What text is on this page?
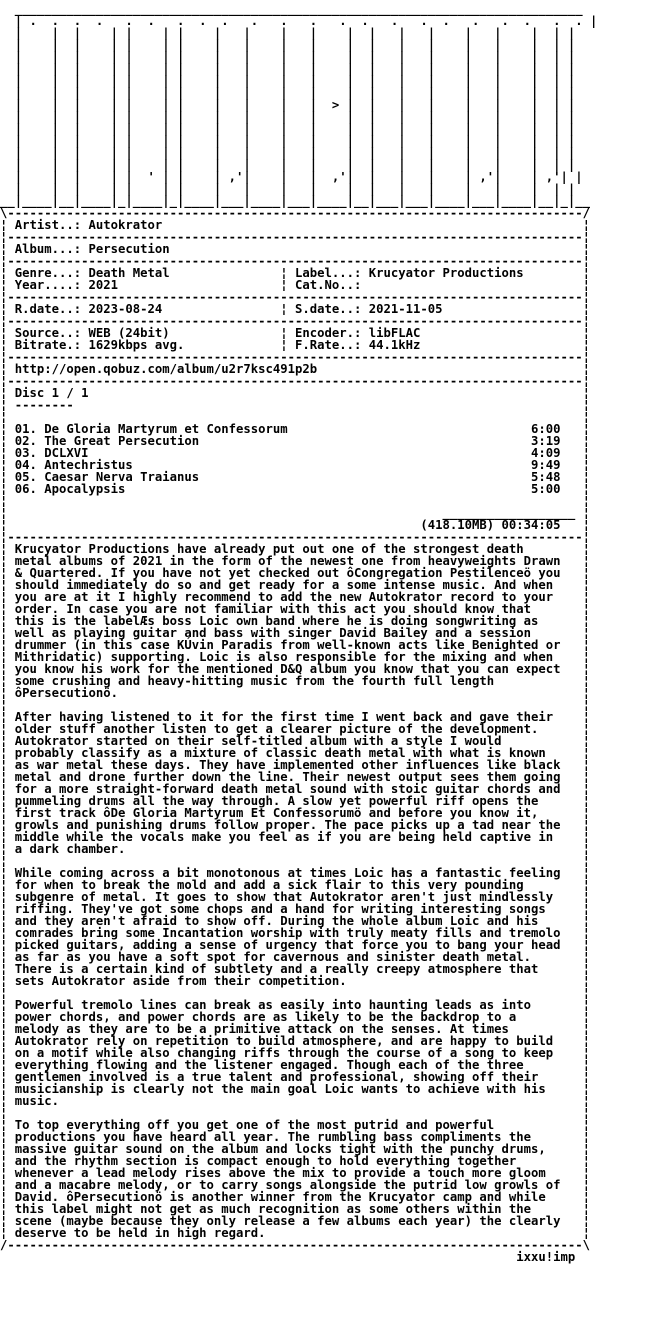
_____________________________________________________________________________
| .  .  .  .   .  .   .  .  .   .   .   .   .  .   .   .  .   .   .  .   .  . |
|    |  |    | |    | |    |   |    |   |    |  |   |   |    |   |    |  | |
|    |  |    | |    | |    |   |    |   |    |  |   |   |    |   |    |  | |
|    |  |    | |    | |    |   |    |   |    |  |   |   |    |   |    |  | |
|    |  |    | |    | |    |   |    |   |    |  |   |   |    |   |    |  | |
|    |  |    | |    | |    |   |    |   |    |  |   |   |    |   |    |  | |
|    |  |    | |    | |    |   |    |   |    |  |   |   |    |   |    |  | |
|    |  |    | |    | |    |   |    |   |  > |  |   |   |    |   |    |  | |
|    |  |    | |    | |    |   |    |   |    |  |   |   |    |   |    |  | |
|    |  |    | |    | |    |   |    |   |    |  |   |   |    |   |    |  | |
|    |  |    | |    | |    |   |    |   |    |  |   |   |    |   |    |  | |
|    |  |    | |    | |    |   |    |   |    |  |   |   |    |   |    |  | |
|    |  |    | |    | |    |   |    |   |    |  |   |   |    |   |    |  | |
|    |  |    | |  ' | |    | ,'|    |   |  ,'|  |   |   |    | ,'|    | ,'| |
|    |  |    | |    | |    |   |    |   |    |  |   |   |    |   |    |  | |
__|____|__|____|_|____|_|____|___|____|___|____|__|___|___|____|___|____|__|_|__
\------------------------------------------------------------------------------/
¦ Artist..: Autokrator                                                         ¦
¦------------------------------------------------------------------------------¦
¦ Album...: Persecution                                                        ¦
¦------------------------------------------------------------------------------¦
¦ Genre...: Death Metal               ¦ Label...: Krucyator Productions        ¦
¦ Year....: 2021                      ¦ Cat.No..:                              ¦
¦------------------------------------------------------------------------------¦
¦ R.date..: 2023-08-24                ¦ S.date..: 2021-11-05                   ¦
¦------------------------------------------------------------------------------¦
¦ Source..: WEB (24bit)               ¦ Encoder.: libFLAC                      ¦
¦ Bitrate.: 1629kbps avg.             ¦ F.Rate..: 44.1kHz                      ¦
¦------------------------------------------------------------------------------¦
¦ http://open.qobuz.com/album/u2r7ksc491p2b                                    ¦
¦------------------------------------------------------------------------------¦
¦ Disc 1 / 1                                                                   ¦
¦ --------                                                                     ¦
¦                                                                              ¦
¦ 01. De Gloria Martyrum et Confessorum                                 6:00   ¦
¦ 02. The Great Persecution                                             3:19   ¦
¦ 03. DCLXVI                                                            4:09   ¦
¦ 04. Antechristus                                                      9:49   ¦
¦ 05. Caesar Nerva Traianus                                             5:48   ¦
¦ 06. Apocalypsis                                                       5:00   ¦
¦                                                                              ¦
¦                                                           __________________ ¦
¦                                                        (418.10MB) 00:34:05   ¦
¦------------------------------------------------------------------------------¦
¦ Krucyator Productions have already put out one of the strongest death        ¦
¦ metal albums of 2021 in the form of the newest one from heavyweights Drawn   ¦
¦ & Quartered. If you have not yet checked out ôCongregation Pestilenceö you   ¦
¦ should immediately do so and get ready for a some intense music. And when    ¦
¦ you are at it I highly recommend to add the new Autokrator record to your    ¦
¦ order. In case you are not familiar with this act you should know that       ¦
¦ this is the labelÆs boss Loic own band where he is doing songwriting as      ¦
¦ well as playing guitar and bass with singer David Bailey and a session       ¦
¦ drummer (in this case KÚvin Paradis from well-known acts like Benighted or   ¦
¦ Mithridatic) supporting. Loic is also responsible for the mixing and when    ¦
¦ you know his work for the mentioned D&Q album you know that you can expect   ¦
¦ some crushing and heavy-hitting music from the fourth full length            ¦
¦ ôPersecutionö.                                                               ¦
¦                                                                              ¦
¦ After having listened to it for the first time I went back and gave their    ¦
¦ older stuff another listen to get a clearer picture of the development.      ¦
¦ Autokrator started on their self-titled album with a style I would           ¦
¦ probably classify as a mixture of classic death metal with what is known     ¦
¦ as war metal these days. They have implemented other influences like black   ¦
¦ metal and drone further down the line. Their newest output sees them going   ¦
¦ for a more straight-forward death metal sound with stoic guitar chords and   ¦
¦ pummeling drums all the way through. A slow yet powerful riff opens the      ¦
¦ first track ôDe Gloria Martyrum Et Confessorumö and before you know it,      ¦
¦ growls and punishing drums follow proper. The pace picks up a tad near the   ¦
¦ middle while the vocals make you feel as if you are being held captive in    ¦
¦ a dark chamber.                                                              ¦
¦                                                                              ¦
¦ While coming across a bit monotonous at times Loic has a fantastic feeling   ¦
¦ for when to break the mold and add a sick flair to this very pounding        ¦
¦ subgenre of metal. It goes to show that Autokrator aren't just mindlessly    ¦
¦ riffing. They've got some chops and a hand for writing interesting songs     ¦
¦ and they aren't afraid to show off. During the whole album Loic and his      ¦
¦ comrades bring some Incantation worship with truly meaty fills and tremolo   ¦
¦ picked guitars, adding a sense of urgency that force you to bang your head   ¦
¦ as far as you have a soft spot for cavernous and sinister death metal.       ¦
¦ There is a certain kind of subtlety and a really creepy atmosphere that      ¦
¦ sets Autokrator aside from their competition.                                ¦
¦                                                                              ¦
¦ Powerful tremolo lines can break as easily into haunting leads as into       ¦
¦ power chords, and power chords are as likely to be the backdrop to a         ¦
¦ melody as they are to be a primitive attack on the senses. At times          ¦
¦ Autokrator rely on repetition to build atmosphere, and are happy to build    ¦
¦ on a motif while also changing riffs through the course of a song to keep    ¦
¦ everything flowing and the listener engaged. Though each of the three        ¦
¦ gentlemen involved is a true talent and professional, showing off their      ¦
¦ musicianship is clearly not the main goal Loic wants to achieve with his     ¦
¦ music.                                                                       ¦
¦                                                                              ¦
¦ To top everything off you get one of the most putrid and powerful            ¦
¦ productions you have heard all year. The rumbling bass compliments the       ¦
¦ massive guitar sound on the album and locks tight with the punchy drums,     ¦
¦ and the rhythm section is compact enough to hold everything together         ¦
¦ whenever a lead melody rises above the mix to provide a touch more gloom     ¦
¦ and a macabre melody, or to carry songs alongside the putrid low growls of   ¦
¦ David. ôPersecutionö is another winner from the Krucyator camp and while     ¦
¦ this label might not get as much recognition as some others within the       ¦
¦ scene (maybe because they only release a few albums each year) the clearly   ¦
¦ deserve to be held in high regard.                                           ¦
/------------------------------------------------------------------------------\
ixxu!imp
